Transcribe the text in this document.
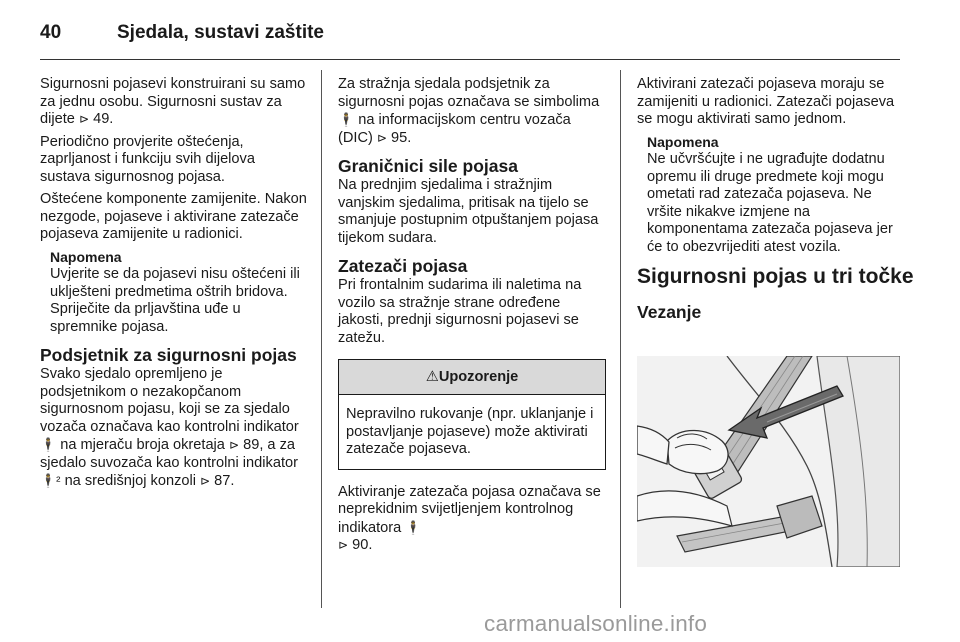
40	Sjedala, sustavi zaštite

Sigurnosni pojasevi konstruirani su samo za jednu osobu. Sigurnosni sustav za dijete ⊳ 49.

Periodično provjerite oštećenja, zaprljanost i funkciju svih dijelova sustava sigurnosnog pojasa.

Oštećene komponente zamijenite. Nakon nezgode, pojaseve i aktivirane zatezače pojaseva zamijenite u radionici.

Napomena
Uvjerite se da pojasevi nisu oštećeni ili uklješteni predmetima oštrih bridova. Spriječite da prljavština uđe u spremnike pojasa.
Podsjetnik za sigurnosni pojas

Svako sjedalo opremljeno je podsjetnikom o nezakopčanom sigurnosnom pojasu, koji se za sjedalo vozača označava kao kontrolni indikator 🕴 na mjeraču broja okretaja ⊳ 89, a za sjedalo suvozača kao kontrolni indikator 🕴² na središnjoj konzoli ⊳ 87.

Za stražnja sjedala podsjetnik za sigurnosni pojas označava se simbolima 🕴 na informacijskom centru vozača (DIC) ⊳ 95.

Graničnici sile pojasa

Na prednjim sjedalima i stražnjim vanjskim sjedalima, pritisak na tijelo se smanjuje postupnim otpuštanjem pojasa tijekom sudara.

Zatezači pojasa

Pri frontalnim sudarima ili naletima na vozilo sa stražnje strane određene jakosti, prednji sigurnosni pojasevi se zatežu.

⚠Upozorenje
Nepravilno rukovanje (npr. uklanjanje i postavljanje pojaseve) može aktivirati zatezače pojaseva.

Aktiviranje zatezača pojasa označava se neprekidnim svijetljenjem kontrolnog indikatora 🕴
⊳ 90.

Aktivirani zatezači pojaseva moraju se zamijeniti u radionici. Zatezači pojaseva se mogu aktivirati samo jednom.

Napomena
Ne učvršćujte i ne ugrađujte dodatnu opremu ili druge predmete koji mogu ometati rad zatezača pojaseva. Ne vršite nikakve izmjene na komponentama zatezača pojaseva jer će to obezvrijediti atest vozila.
Sigurnosni pojas u tri točke
Vezanje
carmanualsonline.info
